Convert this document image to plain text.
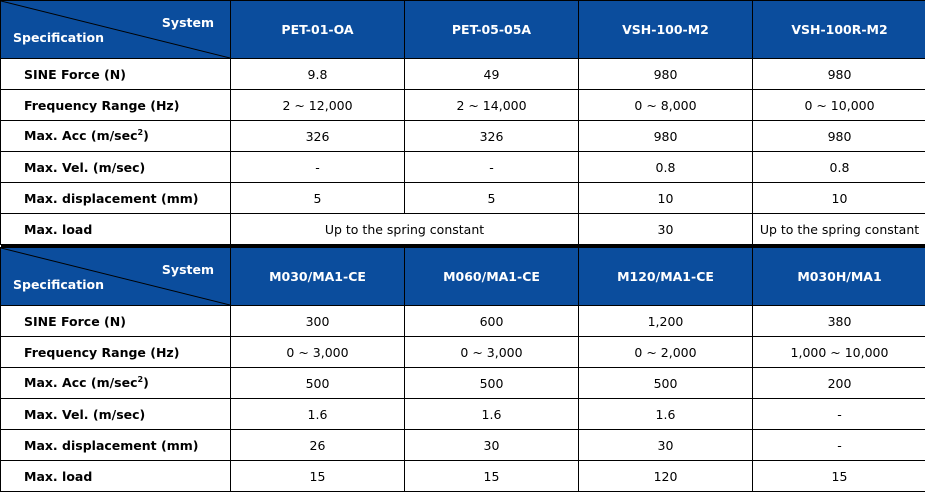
System
Specification	PET-01-OA	PET-05-05A	VSH-100-M2	VSH-100R-M2
SINE Force (N)	9.8	49	980	980
Frequency Range (Hz)	2 ~ 12,000	2 ~ 14,000	0 ~ 8,000	0 ~ 10,000
Max. Acc $(m/\sec^2)$	326	326	980	980
Max. Vel. (m/sec)	-	-	0.8	0.8
Max. displacement (mm)	5	5	10	10
Max. load	Up to the spring constant		30	Up to the spring constant

System
Specification	M030/MA1-CE	M060/MA1-CE	M120/MA1-CE	M030H/MA1
SINE Force (N)	300	600	1,200	380
Frequency Range (Hz)	0 ~ 3,000	0 ~ 3,000	0 ~ 2,000	1,000 ~ 10,000
Max. Acc $(m/\sec^2)$	500	500	500	200
Max. Vel. (m/sec)	1.6	1.6	1.6	-
Max. displacement (mm)	26	30	30	-
Max. load	15	15	120	15
